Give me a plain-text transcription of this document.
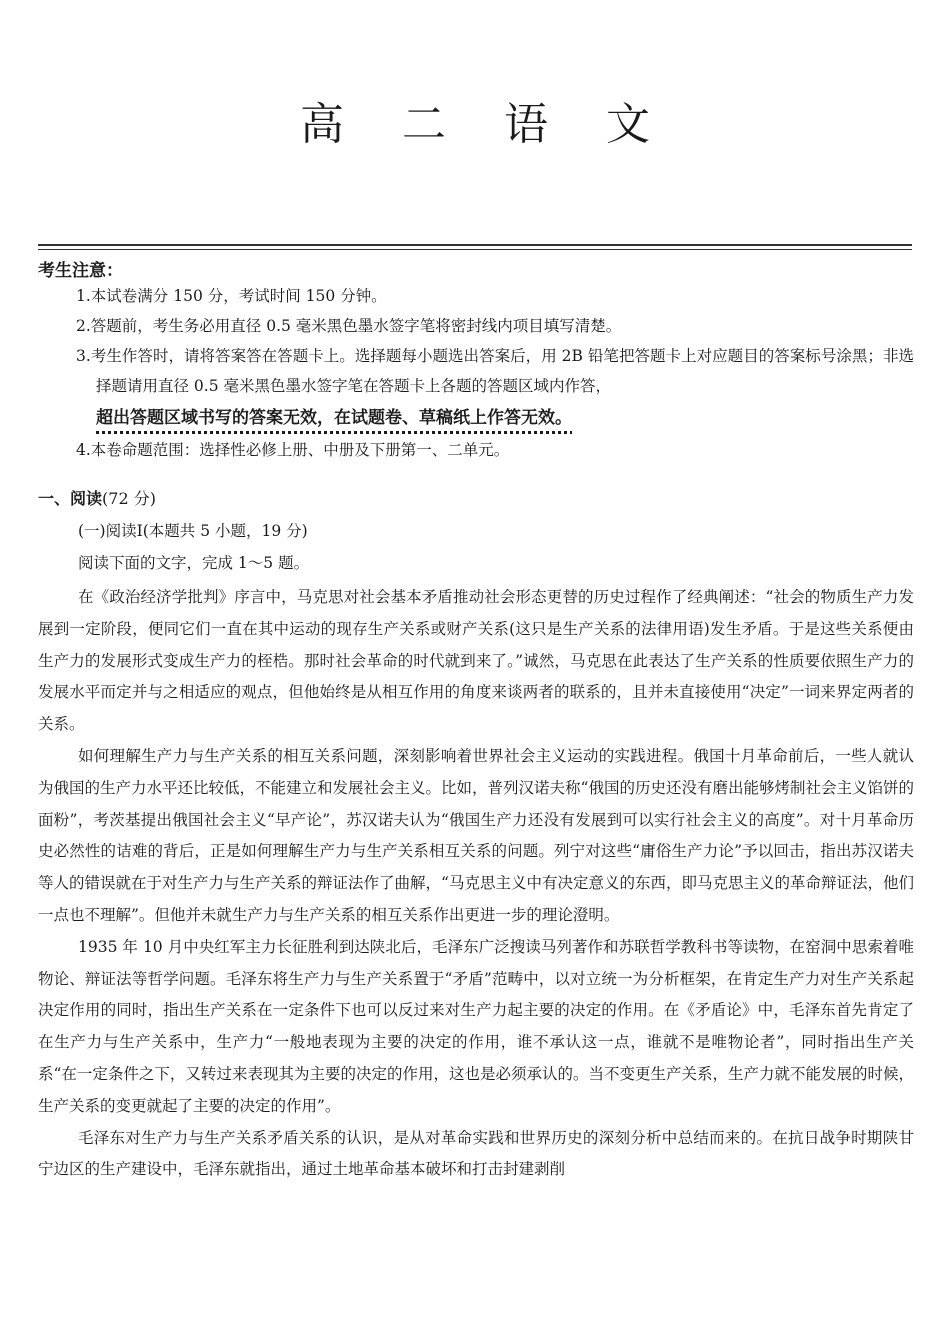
高 二 语 文
考生注意：
1.本试卷满分 150 分，考试时间 150 分钟。
2.答题前，考生务必用直径 0.5 毫米黑色墨水签字笔将密封线内项目填写清楚。
3.考生作答时，请将答案答在答题卡上。选择题每小题选出答案后，用 2B 铅笔把答题卡上对应题目的答案标号涂黑；非选择题请用直径 0.5 毫米黑色墨水签字笔在答题卡上各题的答题区域内作答，
超出答题区域书写的答案无效，在试题卷、草稿纸上作答无效。
4.本卷命题范围：选择性必修上册、中册及下册第一、二单元。
一、阅读(72 分)
(一)阅读Ⅰ(本题共 5 小题，19 分)
阅读下面的文字，完成 1～5 题。

在《政治经济学批判》序言中，马克思对社会基本矛盾推动社会形态更替的历史过程作了经典阐述：“社会的物质生产力发展到一定阶段，便同它们一直在其中运动的现存生产关系或财产关系(这只是生产关系的法律用语)发生矛盾。于是这些关系便由生产力的发展形式变成生产力的桎梏。那时社会革命的时代就到来了。”诚然，马克思在此表达了生产关系的性质要依照生产力的发展水平而定并与之相适应的观点，但他始终是从相互作用的角度来谈两者的联系的，且并未直接使用“决定”一词来界定两者的关系。

如何理解生产力与生产关系的相互关系问题，深刻影响着世界社会主义运动的实践进程。俄国十月革命前后，一些人就认为俄国的生产力水平还比较低，不能建立和发展社会主义。比如，普列汉诺夫称“俄国的历史还没有磨出能够烤制社会主义馅饼的面粉”，考茨基提出俄国社会主义“早产论”，苏汉诺夫认为“俄国生产力还没有发展到可以实行社会主义的高度”。对十月革命历史必然性的诘难的背后，正是如何理解生产力与生产关系相互关系的问题。列宁对这些“庸俗生产力论”予以回击，指出苏汉诺夫等人的错误就在于对生产力与生产关系的辩证法作了曲解，“马克思主义中有决定意义的东西，即马克思主义的革命辩证法，他们一点也不理解”。但他并未就生产力与生产关系的相互关系作出更进一步的理论澄明。

1935 年 10 月中央红军主力长征胜利到达陕北后，毛泽东广泛搜读马列著作和苏联哲学教科书等读物，在窑洞中思索着唯物论、辩证法等哲学问题。毛泽东将生产力与生产关系置于“矛盾”范畴中，以对立统一为分析框架，在肯定生产力对生产关系起决定作用的同时，指出生产关系在一定条件下也可以反过来对生产力起主要的决定的作用。在《矛盾论》中，毛泽东首先肯定了在生产力与生产关系中，生产力“一般地表现为主要的决定的作用，谁不承认这一点，谁就不是唯物论者”，同时指出生产关系“在一定条件之下，又转过来表现其为主要的决定的作用，这也是必须承认的。当不变更生产关系，生产力就不能发展的时候，生产关系的变更就起了主要的决定的作用”。

毛泽东对生产力与生产关系矛盾关系的认识，是从对革命实践和世界历史的深刻分析中总结而来的。在抗日战争时期陕甘宁边区的生产建设中，毛泽东就指出，通过土地革命基本破坏和打击封建剥削
